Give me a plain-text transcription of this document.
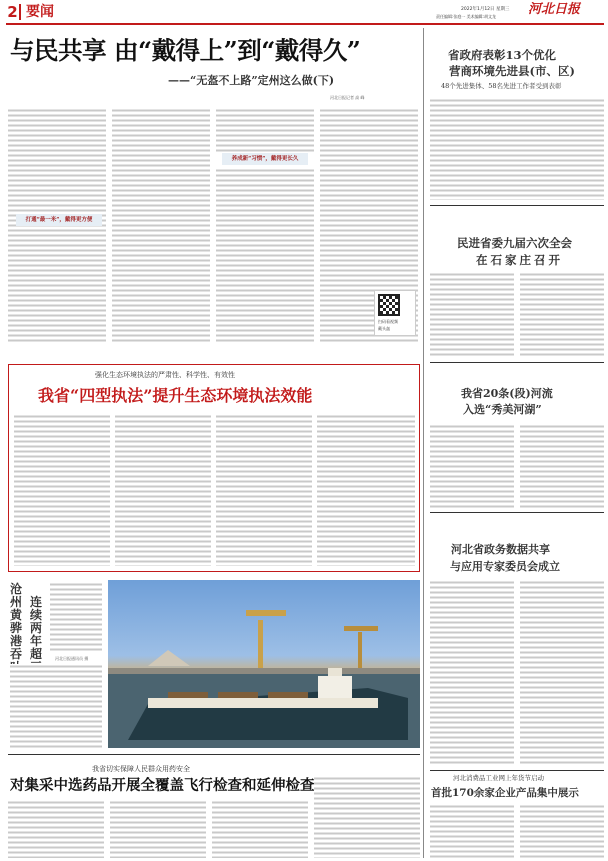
2 要闻	2022年1月12日 星期三
责任编辑:张庭一 美术编辑:胡文龙 河北日报
与民共享 由“戴得上”到“戴得久”
——“无盔不上路”定州这么做(下)
河北日报记者 高 峰
打通“最一米”，戴得更方便
养成新“习惯”，戴得更长久
扫码看视频
戴头盔
省政府表彰13个优化
营商环境先进县(市、区)
48个先进集体、58名先进工作者受到表彰
民进省委九届六次全会
在石家庄召开
强化生态环境执法的严肃性、科学性、有效性
我省“四型执法”提升生态环境执法效能	我省20条(段)河流
入选“秀美河湖”
河北省政务数据共享
与应用专家委员会成立
沧州黄骅港吞
连续两年超	河北日报通讯员 摄
我省切实保障人民群众用药安全
对集采中选药品开展全覆盖飞行检查和延伸检查	河北消费品工业网上年货节启动
首批170余家企业产品集中展示
